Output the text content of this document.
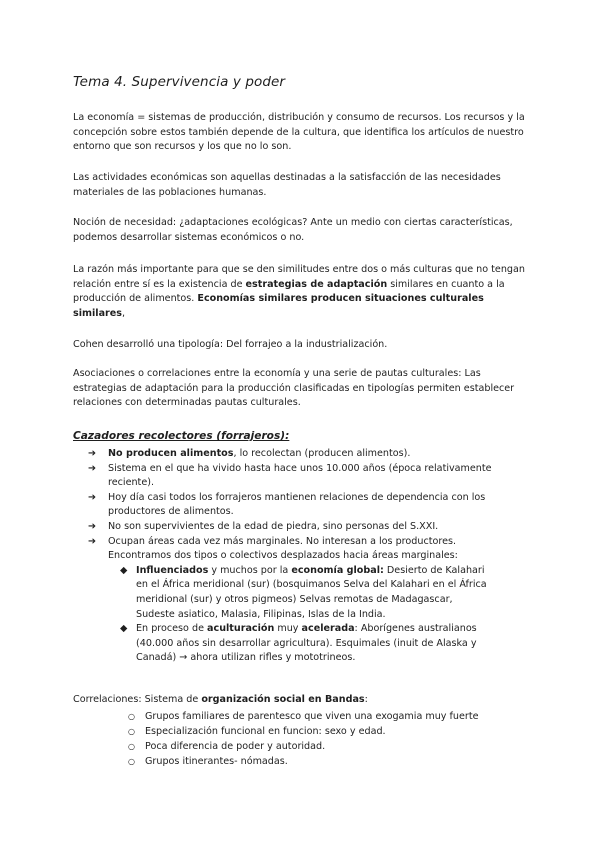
Tema 4. Supervivencia y poder
La economía = sistemas de producción, distribución y consumo de recursos. Los recursos y la concepción sobre estos también depende de la cultura, que identifica los artículos de nuestro entorno que son recursos y los que no lo son.
Las actividades económicas son aquellas destinadas a la satisfacción de las necesidades materiales de las poblaciones humanas.
Noción de necesidad: ¿adaptaciones ecológicas? Ante un medio con ciertas características, podemos desarrollar sistemas económicos o no.
La razón más importante para que se den similitudes entre dos o más culturas que no tengan relación entre sí es la existencia de estrategias de adaptación similares en cuanto a la producción de alimentos. Economías similares producen situaciones culturales similares,
Cohen desarrolló una tipología: Del forrajeo a la industrialización.
Asociaciones o correlaciones entre la economía y una serie de pautas culturales: Las estrategias de adaptación para la producción clasificadas en tipologías permiten establecer relaciones con determinadas pautas culturales.
Cazadores recolectores (forrajeros):
➔ No producen alimentos, lo recolectan (producen alimentos).
➔ Sistema en el que ha vivido hasta hace unos 10.000 años (época relativamente reciente).
➔ Hoy día casi todos los forrajeros mantienen relaciones de dependencia con los productores de alimentos.
➔ No son supervivientes de la edad de piedra, sino personas del S.XXI.
➔ Ocupan áreas cada vez más marginales. No interesan a los productores.
Encontramos dos tipos o colectivos desplazados hacia áreas marginales:
◆ Influenciados y muchos por la economía global: Desierto de Kalahari en el África meridional (sur) (bosquimanos Selva del Kalahari en el África meridional (sur) y otros pigmeos) Selvas remotas de Madagascar, Sudeste asiatico, Malasia, Filipinas, Islas de la India.
◆ En proceso de aculturación muy acelerada: Aborígenes australianos (40.000 años sin desarrollar agricultura). Esquimales (inuit de Alaska y Canadá) → ahora utilizan rifles y mototrineos.
Correlaciones: Sistema de organización social en Bandas:
○ Grupos familiares de parentesco que viven una exogamia muy fuerte
○ Especialización funcional en funcion: sexo y edad.
○ Poca diferencia de poder y autoridad.
○ Grupos itinerantes- nómadas.
